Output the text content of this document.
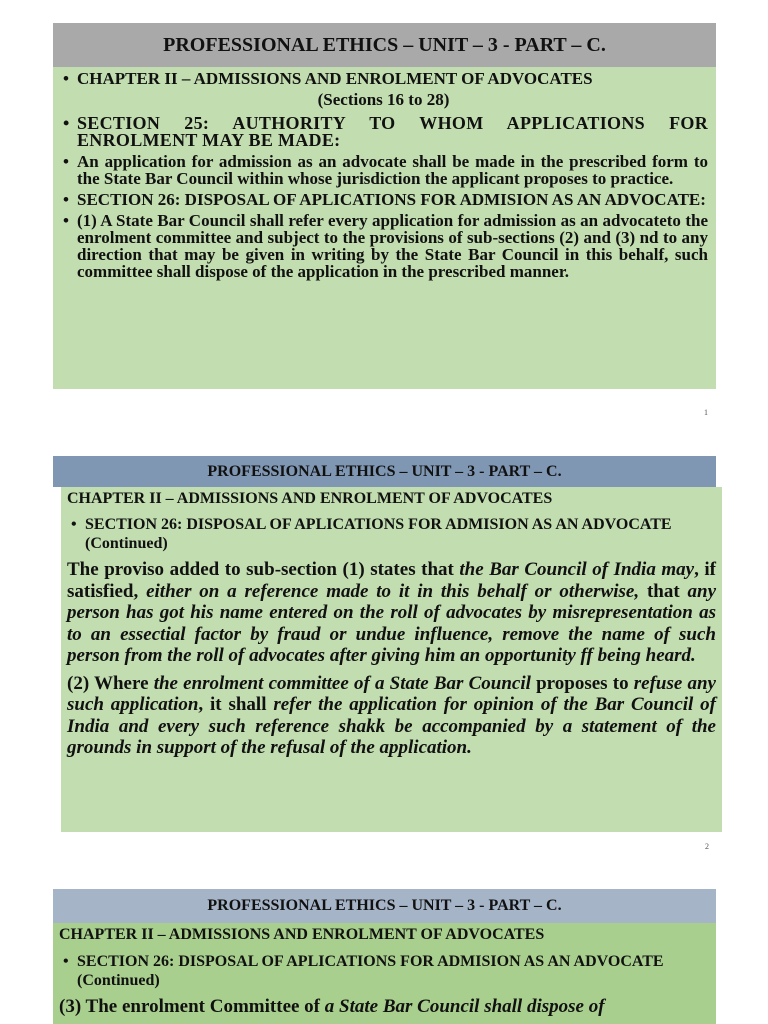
PROFESSIONAL ETHICS – UNIT – 3 - PART – C.
• CHAPTER II – ADMISSIONS AND ENROLMENT OF ADVOCATES
(Sections 16 to 28)
• SECTION 25: AUTHORITY TO WHOM APPLICATIONS FOR ENROLMENT MAY BE MADE:
• An application for admission as an advocate shall be made in the prescribed form to the State Bar Council within whose jurisdiction the applicant proposes to practice.
• SECTION 26: DISPOSAL OF APLICATIONS FOR ADMISION AS AN ADVOCATE:
• (1) A State Bar Council shall refer every application for admission as an advocateto the enrolment committee and subject to the provisions of sub-sections (2) and (3) nd to any direction that may be given in writing by the State Bar Council in this behalf, such committee shall dispose of the application in the prescribed manner.
1
PROFESSIONAL ETHICS – UNIT – 3 - PART – C.
CHAPTER II – ADMISSIONS AND ENROLMENT OF ADVOCATES
• SECTION 26: DISPOSAL OF APLICATIONS FOR ADMISION AS AN ADVOCATE (Continued)
The proviso added to sub-section (1) states that the Bar Council of India may, if satisfied, either on a reference made to it in this behalf or otherwise, that any person has got his name entered on the roll of advocates by misrepresentation as to an essectial factor by fraud or undue influence, remove the name of such person from the roll of advocates after giving him an opportunity ff being heard.
(2) Where the enrolment committee of a State Bar Council proposes to refuse any such application, it shall refer the application for opinion of the Bar Council of India and every such reference shakk be accompanied by a statement of the grounds in support of the refusal of the application.
2
PROFESSIONAL ETHICS – UNIT – 3 - PART – C.
CHAPTER II – ADMISSIONS AND ENROLMENT OF ADVOCATES
• SECTION 26: DISPOSAL OF APLICATIONS FOR ADMISION AS AN ADVOCATE (Continued)
(3) The enrolment Committee of a State Bar Council shall dispose of
